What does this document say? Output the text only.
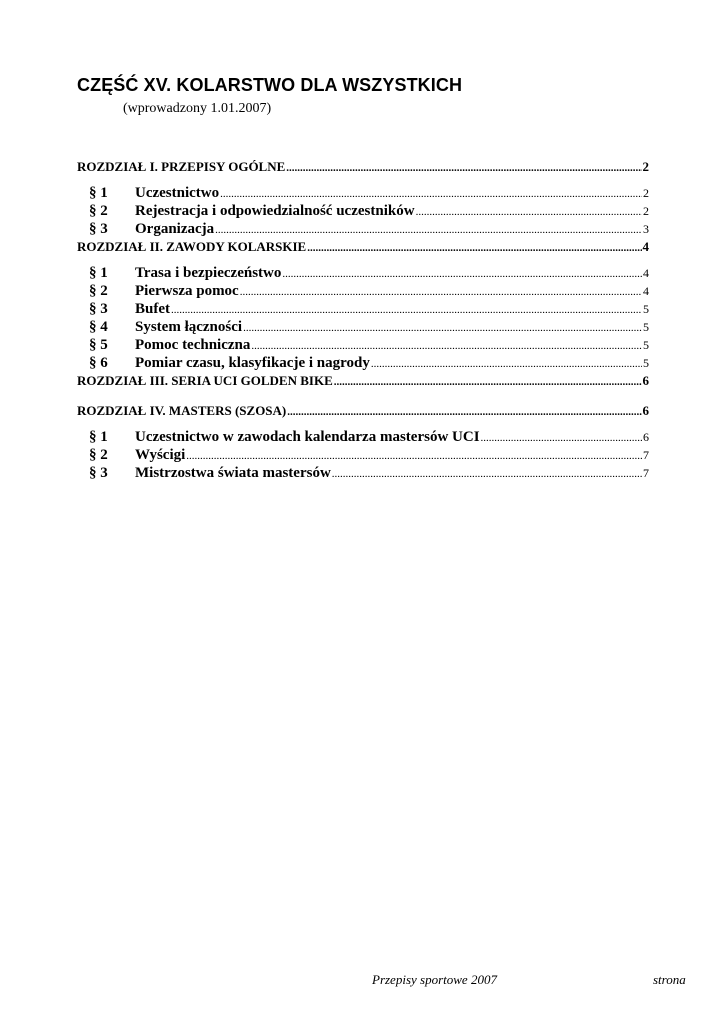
CZĘŚĆ XV. KOLARSTWO DLA WSZYSTKICH
(wprowadzony 1.01.2007)
ROZDZIAŁ I. PRZEPISY OGÓLNE .....	2
§ 1	Uczestnictwo .....	2
§ 2	Rejestracja i odpowiedzialność uczestników .....	2
§ 3	Organizacja .....	3
ROZDZIAŁ II. ZAWODY KOLARSKIE .....	4
§ 1	Trasa i bezpieczeństwo .....	4
§ 2	Pierwsza pomoc .....	4
§ 3	Bufet .....	5
§ 4	System łączności .....	5
§ 5	Pomoc techniczna .....	5
§ 6	Pomiar czasu, klasyfikacje i nagrody .....	5
ROZDZIAŁ III. SERIA UCI GOLDEN BIKE .....	6
ROZDZIAŁ IV. MASTERS (SZOSA) .....	6
§ 1	Uczestnictwo w zawodach kalendarza mastersów UCI .....	6
§ 2	Wyścigi .....	7
§ 3	Mistrzostwa świata mastersów .....	7
Przepisy sportowe 2007	strona
